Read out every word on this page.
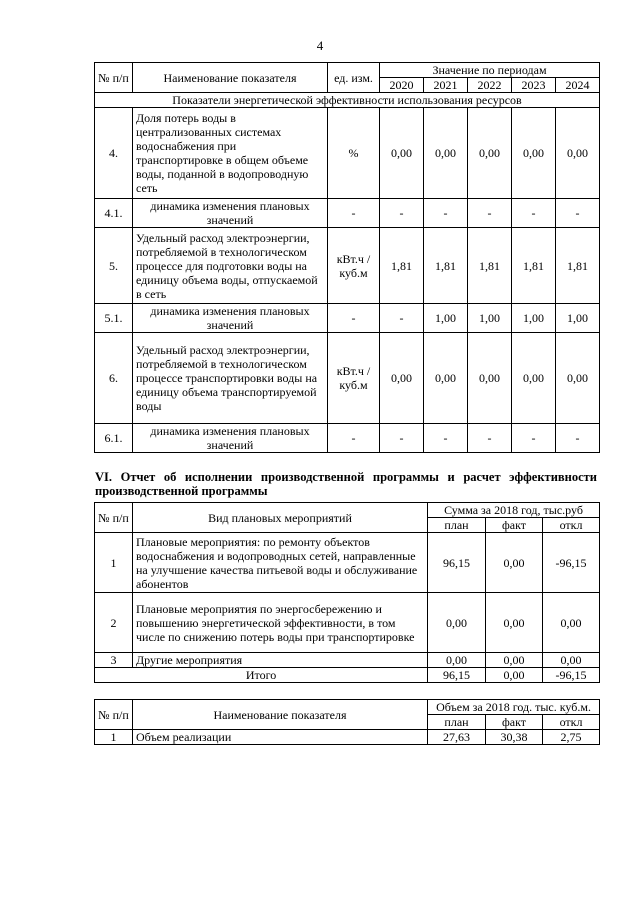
4
№ п/п	Наименование показателя	ед. изм.	Значение по периодам				
			2020	2021	2022	2023	2024
Показатели энергетической эффективности использования ресурсов							
4.	Доля потерь воды в централизованных системах водоснабжения при транспортировке в общем объеме воды, поданной в водопроводную сеть	%	0,00	0,00	0,00	0,00	0,00
4.1.	динамика изменения плановых значений	-	-	-	-	-	-
5.	Удельный расход электроэнергии, потребляемой в технологическом процессе для подготовки воды на единицу объема воды, отпускаемой в сеть	кВт.ч / куб.м	1,81	1,81	1,81	1,81	1,81
5.1.	динамика изменения плановых значений	-	-	1,00	1,00	1,00	1,00
6.	Удельный расход электроэнергии, потребляемой в технологическом процессе транспортировки воды на единицу объема транспортируемой воды	кВт.ч / куб.м	0,00	0,00	0,00	0,00	0,00
6.1.	динамика изменения плановых значений	-	-	-	-	-	-
VI. Отчет об исполнении производственной программы и расчет эффективности
производственной программы
№ п/п	Вид плановых мероприятий	Сумма за 2018 год, тыс.руб		
		план	факт	откл
1	Плановые мероприятия: по ремонту объектов водоснабжения и водопроводных сетей, направленные на улучшение качества питьевой воды и обслуживание абонентов	96,15	0,00	-96,15
2	Плановые мероприятия по энергосбережению и повышению энергетической эффективности, в том числе по снижению потерь воды при транспортировке	0,00	0,00	0,00
3	Другие мероприятия	0,00	0,00	0,00
Итого		96,15	0,00	-96,15
№ п/п	Наименование показателя	Объем за 2018 год. тыс. куб.м.		
		план	факт	откл
1	Объем реализации	27,63	30,38	2,75
